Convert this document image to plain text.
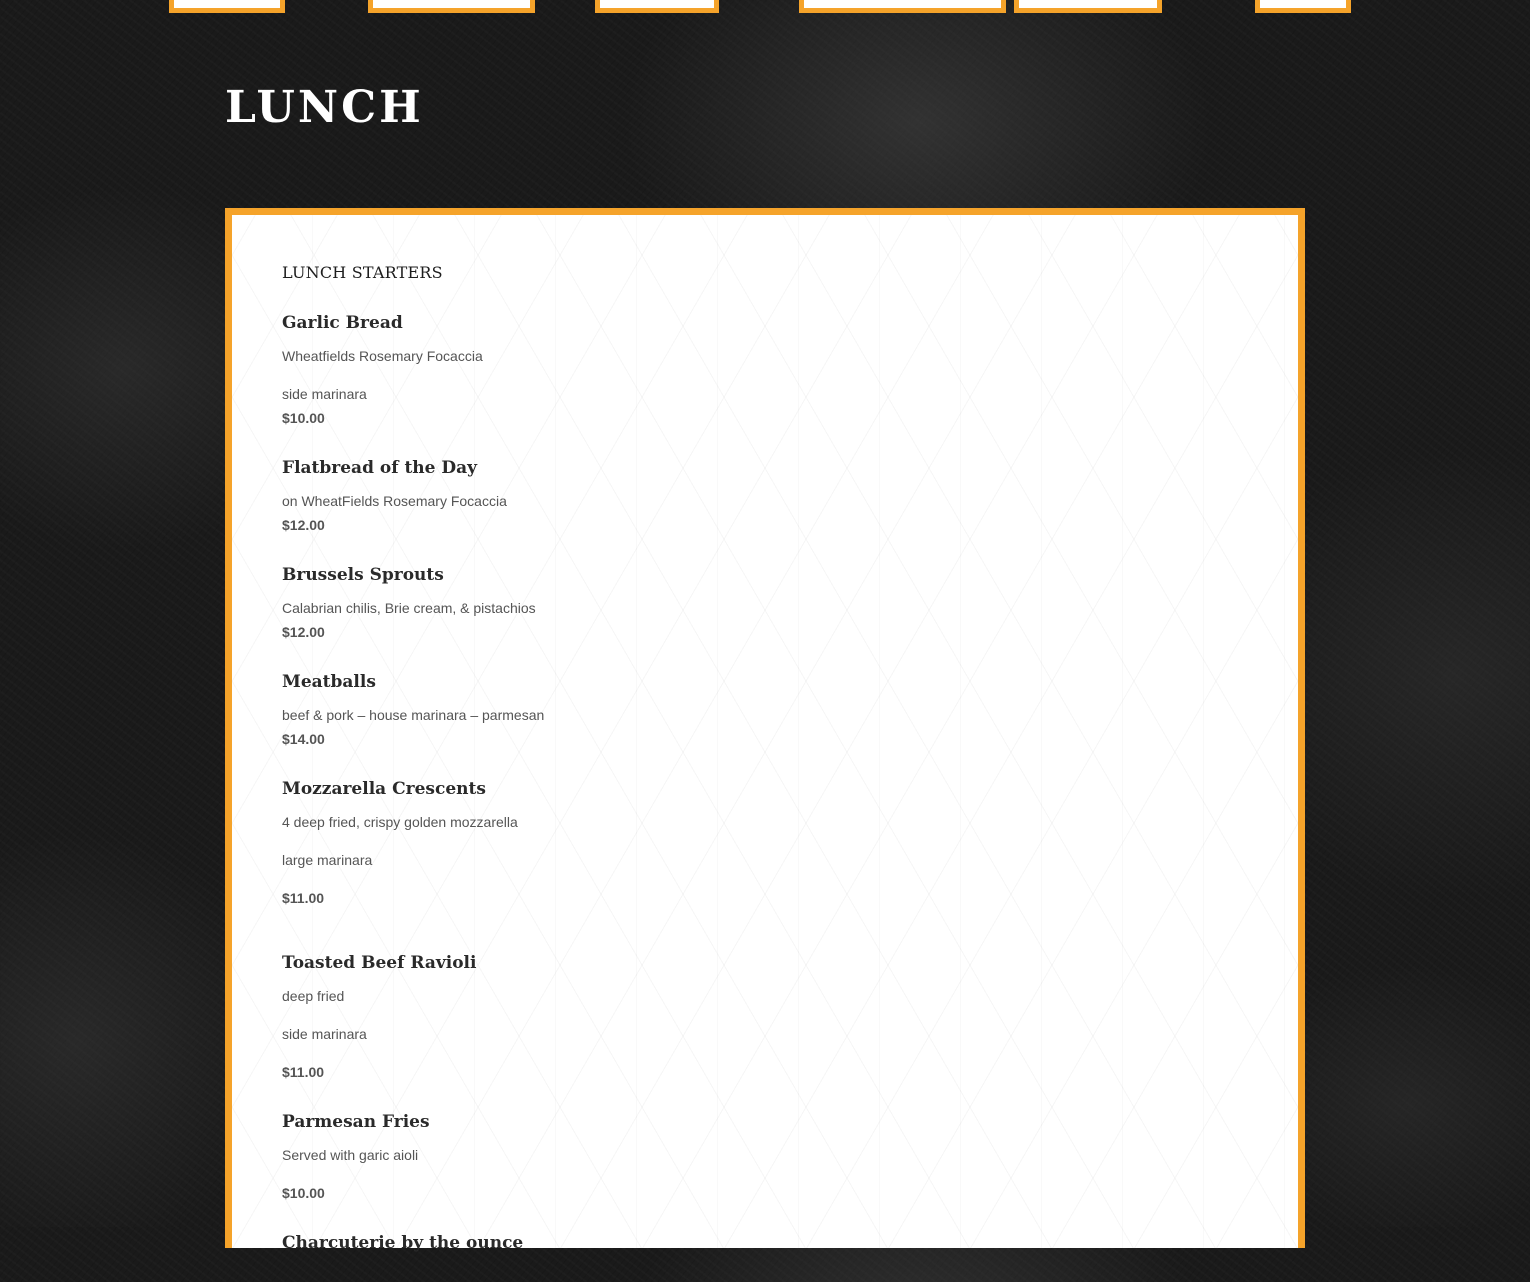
LUNCH
LUNCH STARTERS
Garlic Bread

Wheatfields Rosemary Focaccia

side marinara

$10.00

Flatbread of the Day

on WheatFields Rosemary Focaccia

$12.00

Brussels Sprouts

Calabrian chilis, Brie cream, & pistachios

$12.00

Meatballs

beef & pork – house marinara – parmesan

$14.00

Mozzarella Crescents

4 deep fried, crispy golden mozzarella

large marinara

$11.00

Toasted Beef Ravioli

deep fried

side marinara

$11.00

Parmesan Fries

Served with garic aioli

$10.00

Charcuterie by the ounce
